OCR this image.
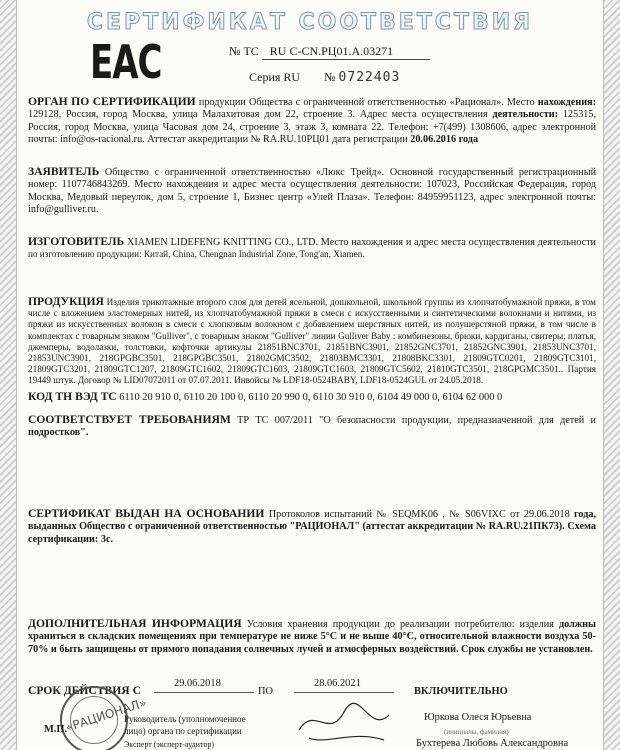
СЕРТИФИКАТ СООТВЕТСТВИЯ
EAC	№ ТС RU C-CN.РЦ01.A.03271
Серия RU № 0722403
ОРГАН ПО СЕРТИФИКАЦИИ продукции Общества с ограниченной ответственностью «Рационал». Место нахождения: 129128, Россия, город Москва, улица Малахитовая дом 22, строение 3. Адрес места осуществления деятельности: 125315, Россия, город Москва, улица Часовая дом 24, строение 3, этаж 3, комната 22. Телефон: +7(499) 1308606, адрес электронной почты: info@os-racional.ru. Аттестат аккредитации № RA.RU.10РЦ01 дата регистрации 20.06.2016 года
ЗАЯВИТЕЛЬ Общество с ограниченной ответственностью «Люкс Трейд». Основной государственный регистрационный номер: 1107746843269. Место нахождения и адрес места осуществления деятельности: 107023, Российская Федерация, город Москва, Медовый переулок, дом 5, строение 1, Бизнес центр «Улей Плаза». Телефон: 84959951123, адрес электронной почты: info@gulliver.ru.
ИЗГОТОВИТЕЛЬ XIAMEN LIDEFENG KNITTING CO., LTD. Место нахождения и адрес места осуществления деятельности по изготовлению продукции: Китай, China, Chengnan Industrial Zone, Tong'an, Xiamen.
ПРОДУКЦИЯ Изделия трикотажные второго слоя для детей ясельной, дошкольной, школьной группы из хлопчатобумажной пряжи, в том числе с вложением эластомерных нитей, из хлопчатобумажной пряжи в смеси с искусственными и синтетическими волокнами и нитями, из пряжи из искусственных волокон в смеси с хлопковым волокном с добавлением шерстяных нитей, из полушерстяной пряжи, в том числе в комплектах с товарным знаком "Gulliver", с товарным знаком "Gulliver" линии Gulliver Baby : комбинезоны, брюки, кардиганы, свитеры, платья, джемперы, водолазки, толстовки, кофточки артикулы 21851BNC3701, 21851BNC3901, 21852GNC3701, 21852GNC3901, 21853UNC3701, 21853UNC3901, 218GPGBC3501, 218GPGBC3501, 21802GMC3502, 21803BMC3301, 21808BKC3301, 21809GTC0201, 21809GTC3101, 21809GTC3201, 21809GTC1207, 21809GTC1602, 21809GTC1603, 21809GTC1603, 21809GTC5602, 21810GTC3501, 218GPGMC3501.. Партия 19449 штук. Договор № LID07072011 от 07.07.2011. Инвойсы № LDF18-0524BABY, LDF18-0524GUL от 24.05.2018.
КОД ТН ВЭД ТС 6110 20 910 0, 6110 20 100 0, 6110 20 990 0, 6110 30 910 0, 6104 49 000 0, 6104 62 000 0
СООТВЕТСТВУЕТ ТРЕБОВАНИЯМ ТР ТС 007/2011 "О безопасности продукции, предназначенной для детей и подростков".
СЕРТИФИКАТ ВЫДАН НА ОСНОВАНИИ Протоколов испытаний № SEQMK06 , № S06VIXC от 29.06.2018 года, выданных Общество с ограниченной ответственностью "РАЦИОНАЛ" (аттестат аккредитации № RA.RU.21ПК73). Схема сертификации: 3с.
ДОПОЛНИТЕЛЬНАЯ ИНФОРМАЦИЯ Условия хранения продукции до реализации потребителю: изделия должны храниться в складских помещениях при температуре не ниже 5°С и не выше 40°С, относительной влажности воздуха 50-70% и быть защищены от прямого попадания солнечных лучей и атмосферных воздействий. Срок службы не установлен.
СРОК ДЕЙСТВИЯ С
29.06.2018
ПО
28.06.2021
ВКЛЮЧИТЕЛЬНО
«РАЦИОНАЛ»
М.П.
Руководитель (уполномоченное
лицо) органа по сертификации
Эксперт (эксперт-аудитор)
Юркова Олеся Юрьевна
(инициалы, фамилия)
Бухтерева Любовь Александровна
